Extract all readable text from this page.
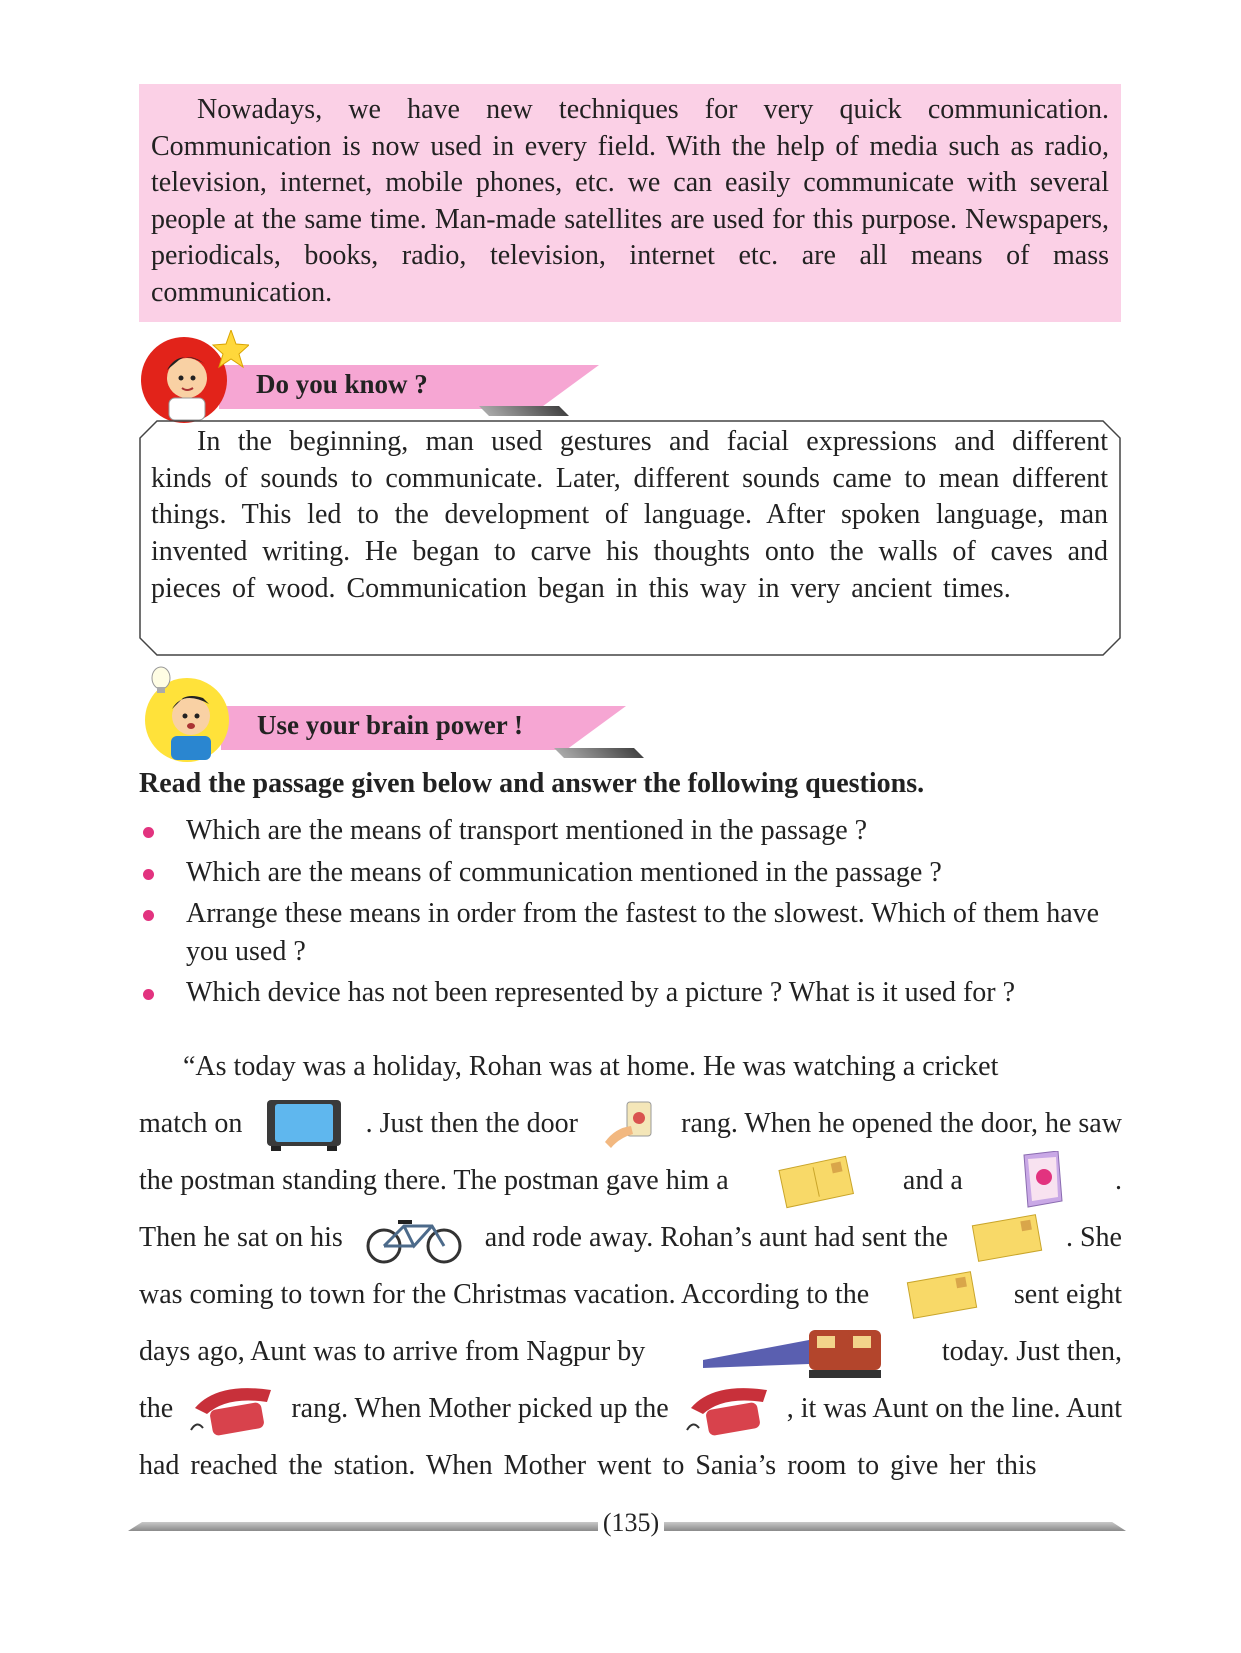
Nowadays, we have new techniques for very quick communication. Communication is now used in every field. With the help of media such as radio, television, internet, mobile phones, etc. we can easily communicate with several people at the same time. Man-made satellites are used for this purpose. Newspapers, periodicals, books, radio, television, internet etc. are all means of mass communication.

Do you know ?

In the beginning, man used gestures and facial expressions and different kinds of sounds to communicate. Later, different sounds came to mean different things. This led to the development of language. After spoken language, man invented writing. He began to carve his thoughts onto the walls of caves and pieces of wood. Communication began in this way in very ancient times.

Use your brain power !
Read the passage given below and answer the following questions.
Which are the means of transport mentioned in the passage ?
Which are the means of communication mentioned in the passage ?
Arrange these means in order from the fastest to the slowest. Which of them have you used ?
Which device has not been represented by a picture ? What is it used for ?
“As today was a holiday, Rohan was at home. He was watching a cricket
match on	. Just then the door	rang. When he opened the door, he saw
the postman standing there. The postman gave him a	and a	.
Then he sat on his	and rode away. Rohan’s aunt had sent the	. She
was coming to town for the Christmas vacation. According to the	sent eight
days ago, Aunt was to arrive from Nagpur by	today. Just then,
the	rang. When Mother picked up the	, it was Aunt on the line. Aunt
had reached the station. When Mother went to Sania’s room to give her this
(135)
